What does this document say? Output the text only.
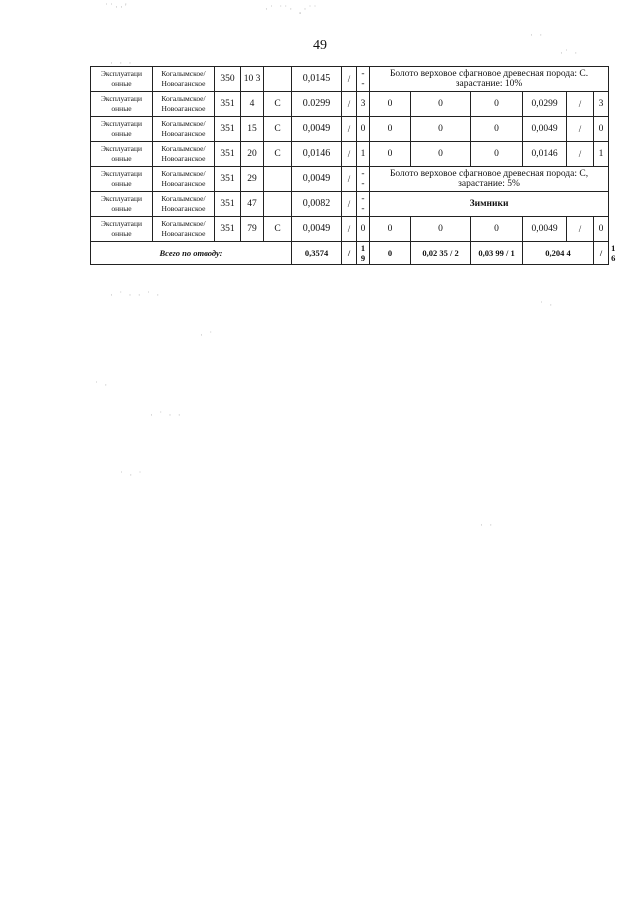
˙˙··'	·˙ ˙˙· ¸·˙˙
· ·
·˙ ·
· · ·
49
Эксплуатаци онные	Когалымское/ Новоаганское	350	10 3		0,0145	/	- -	Болото верховое сфагновое древесная порода: С. зарастание: 10%						
Эксплуатаци онные	Когалымское/ Новоаганское	351	4	С	0.0299	/	3	0	0	0	0,0299	/	3	
Эксплуатаци онные	Когалымское/ Новоаганское	351	15	С	0,0049	/	0	0	0	0	0,0049	/	0	
Эксплуатаци онные	Когалымское/ Новоаганское	351	20	С	0,0146	/	1	0	0	0	0,0146	/	1	
Эксплуатаци онные	Когалымское/ Новоаганское	351	29		0,0049	/	- -	Болото верховое сфагновое древесная порода: С, зарастание: 5%						
Эксплуатаци онные	Когалымское/ Новоаганское	351	47		0,0082	/	- -	Зимники						
Эксплуатаци онные	Когалымское/ Новоаганское	351	79	С	0,0049	/	0	0	0	0	0,0049	/	0	
Всего по отводу:					0,3574	/	1 9	0	0,02 35 / 2	0,03 99 / 1	0,204 4		/	1 6
· ˙ · · ˙ ·
· ˙
˙ ·
· ˙ · ·
˙ · ˙
· ·
˙ ·
